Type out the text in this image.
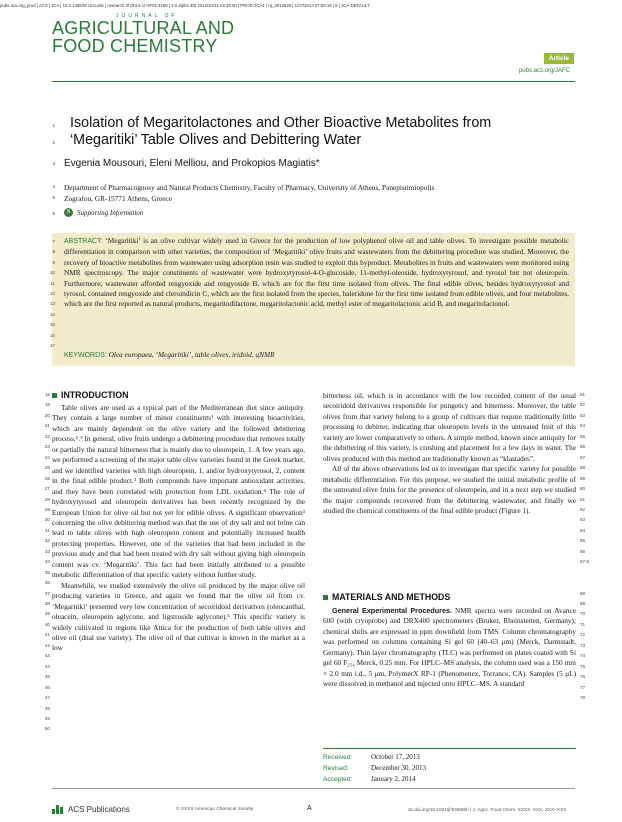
pubs.acs.org_prod | ACS | JCA | 10.0.1465/W Unicode | research.3f (R3.6.i4 HF01:4180 | 2.0 alpha 39) 2013/10/21 02:46:00 | PROD-JCA1 | rq_2012628 | 1/07/2014 07:53:16 | 8 | JCA-DEFAULT
JOURNAL OF
AGRICULTURAL AND
FOOD CHEMISTRY
Article
pubs.acs.org/JAFC
1
2
3
4
5
6
Isolation of Megaritolactones and Other Bioactive Metabolites from
‘Megaritiki’ Table Olives and Debittering Water
Evgenia Mousouri, Eleni Melliou, and Prokopios Magiatis*
Department of Pharmacognosy and Natural Products Chemistry, Faculty of Pharmacy, University of Athens, Panepistimiopolis
Zografou, GR-15771 Athens, Greece
S Supporting Information
ABSTRACT: ‘Megaritiki’ is an olive cultivar widely used in Greece for the production of low polyphenol olive oil and table olives. To investigate possible metabolic differentiation in comparison with other varieties, the composition of ‘Megaritiki’ olive fruits and wastewaters from the debittering procedure was studied. Moreover, the recovery of bioactive metabolites from wastewater using adsorption resin was studied to exploit this byproduct. Metabolites in fruits and wastewaters were monitored using NMR spectroscopy. The major constituents of wastewater were hydroxytyrosol-4-O-glucoside, 11-methyl-oleoside, hydroxytyrosol, and tyrosol but not oleuropein. Furthermore, wastewater afforded rengyoxide and rengyoside B, which are for the first time isolated from olives. The final edible olives, besides hydroxytyrosol and tyrosol, contained rengyoxide and cleroindicin C, which are the first isolated from the species, haleridone for the first time isolated from edible olives, and four metabolites, which are the first reported as natural products, megaritodilactone, megaritolactonic acid, methyl ester of megaritolactonic acid B, and megaritolactonol.
KEYWORDS: Olea europaea, ‘Megaritiki’, table olives, iridoid, qNMR
7
8
9
10
11
12
13
14
15
16
17
INTRODUCTION

Table olives are used as a typical part of the Mediterranean diet since antiquity. They contain a large number of minor constituents¹ with interesting bioactivities, which are mainly dependent on the olive variety and the followed debittering process.²˒³ In general, olive fruits undergo a debittering procedure that removes totally or partially the natural bitterness that is mainly due to oleuropein, 1. A few years ago, we performed a screening of the major table olive varieties found in the Greek market, and we identified varieties with high oleuropein, 1, and/or hydroxytyrosol, 2, content in the final edible product.³ Both compounds have important antioxidant activities, and they have been correlated with protection from LDL oxidation.⁴ The role of hydroxytyrosol and oleuropein derivatives has been recently recognized by the European Union for olive oil but not yet for edible olives. A significant observation³ concerning the olive debittering method was that the use of dry salt and not brine can lead to table olives with high oleuropein content and potentially increased health protecting properties. However, one of the varieties that had been included in the previous study and that had been treated with dry salt without giving high oleuropein content was cv. ‘Megaritiki’. This fact had been initially attributed to a possible metabolic differentiation of that specific variety without further study.

Meanwhile, we studied extensively the olive oil produced by the major olive oil producing varieties in Greece, and again we found that the olive oil from cv. ‘Megaritiki’ presented very low concentration of secoiridoid derivatives (oleocanthal, oleacein, oleuropein aglycone, and ligstroside aglycone).⁵ This specific variety is widely cultivated in regions like Attica for the production of both table olives and olive oil (dual use variety). The olive oil of that cultivar is known in the market as a low

18
19
20
21
22
23
24
25
26
27
28
29
30
31
32
33
34
35
36
37
38
39
40
41
42
43
44
45
46
47
48
49
50

bitterness oil, which is in accordance with the low recorded content of the usual secoiridoid derivatives responsible for pungency and bitterness. Moreover, the table olives from that variety belong to a group of cultivars that require traditionally little processing to debitter, indicating that oleuropein levels in the untreated fruit of this variety are lower comparatively to others. A simple method, known since antiquity for the debittering of this variety, is crushing and placement for a few days in water. The olives produced with this method are traditionally known as “klastades”.

All of the above observations led us to investigate that specific variety for possible metabolic differentiation. For this purpose, we studied the initial metabolic profile of the untreated olive fruits for the presence of oleuropein, and in a next step we studied the major compounds recovered from the debittering wastewater, and finally we studied the chemical constituents of the final edible product (Figure 1).

MATERIALS AND METHODS

General Experimental Procedures. NMR spectra were recorded on Avance 600 (with cryoprobe) and DRX400 spectrometers (Bruker, Rheinstetten, Germany); chemical shifts are expressed in ppm downfield from TMS. Column chromatography was performed on columns containing Si gel 60 (40–63 μm) (Merck, Darmstadt, Germany). Thin layer chromatography (TLC) was performed on plates coated with Si gel 60 F₂₅₄ Merck, 0.25 mm. For HPLC–MS analysis, the column used was a 150 mm × 2.0 mm i.d., 5 μm, PolymerX RP-1 (Phenomenex, Torrance, CA). Samples (5 μL) were dissolved in methanol and injected onto HPLC–MS. A standard

51
52
53
54
55
56
57
58
59
60
61
62
63
64
65
66
67 8
68
69
70
71
72
73
74
75
76
77
78
Received:	October 17, 2013
Revised:	December 30, 2013
Accepted:	January 2, 2014
ACS Publications	© XXXX American Chemical Society	A	dx.doi.org/10.1021/jf404685h | J. Agric. Food Chem. XXXX, XXX, XXX−XXX
